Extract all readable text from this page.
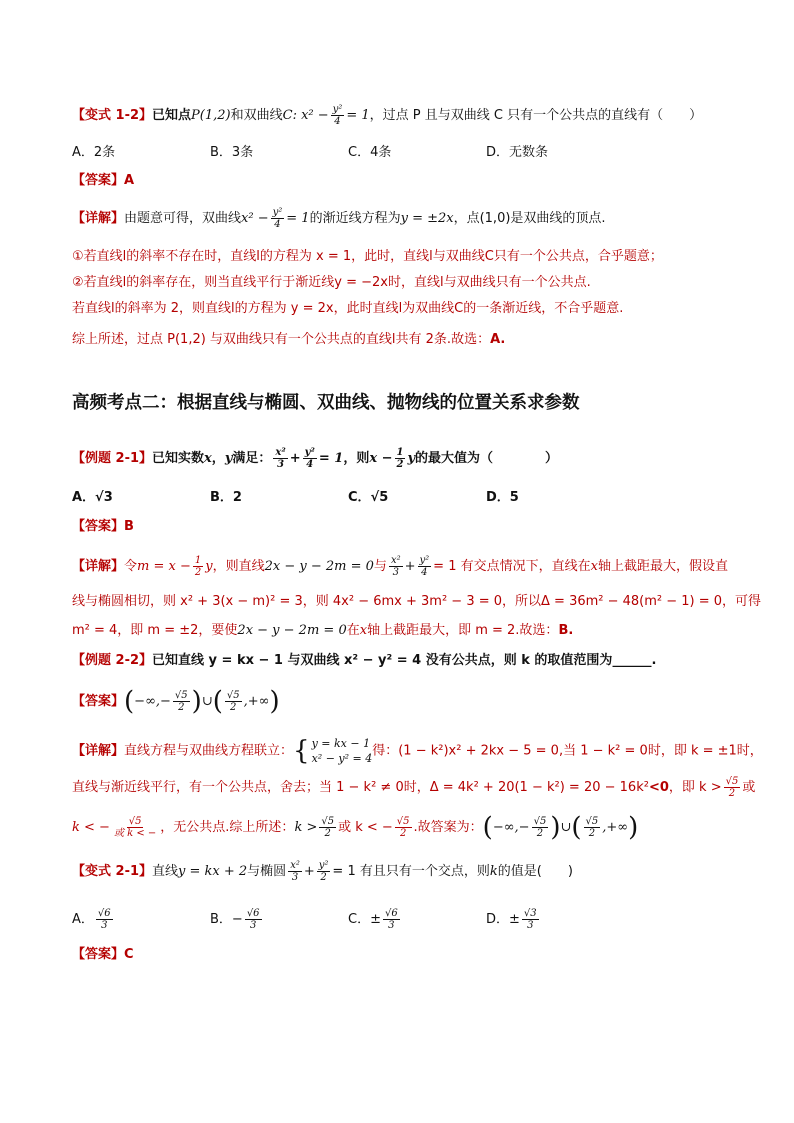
【变式 1-2】已知点P(1,2)和双曲线C: $x^2 - \frac{\text{y²}}{4} = 1$，过点 P 且与双曲线 C 只有一个公共点的直线有（　　）
A．2条	B．3条	C．4条	D．无数条
【答案】A
【详解】由题意可得，双曲线$x^2 - \frac{\text{y²}}{4} = 1$的渐近线方程为y = ±2x，点(1,0)是双曲线的顶点.
①若直线l的斜率不存在时，直线l的方程为 x = 1，此时，直线l与双曲线C只有一个公共点，合乎题意；
②若直线l的斜率存在，则当直线平行于渐近线y = −2x时，直线l与双曲线只有一个公共点.
若直线l的斜率为 2，则直线l的方程为 y = 2x，此时直线l为双曲线C的一条渐近线，不合乎题意.
综上所述，过点 P(1,2) 与双曲线只有一个公共点的直线l共有 2条.故选：A.
高频考点二：根据直线与椭圆、双曲线、抛物线的位置关系求参数
【例题 2-1】已知实数x，y满足： $\frac{\text{x²}}{3} + \frac{\text{y²}}{4} = 1$，则$x - \frac{1}{2}$ y的最大值为（　　　　）
A．√3	B．2	C．√5	D．5
【答案】B
【详解】令$m = x - \frac{1}{2}$ y，则直线2x − y − 2m = 0与 $\frac{\text{x²}}{3} + \frac{\text{y²}}{4} = 1$ 有交点情况下，直线在x轴上截距最大，假设直
线与椭圆相切，则 x² + 3(x − m)² = 3，则 4x² − 6mx + 3m² − 3 = 0，所以Δ = 36m² − 48(m² − 1) = 0，可得
m² = 4，即 m = ±2，要使2x − y − 2m = 0在x轴上截距最大，即 m = 2.故选：B.
【例题 2-2】已知直线 y = kx − 1 与双曲线 x² − y² = 4 没有公共点，则 k 的取值范围为______.
【答案】(−∞,− $\frac{√5}{2}$ )∪( $\frac{√5}{2}$ ,+∞)
【详解】直线方程与双曲线方程联立： { y = kx − 1
x² − y² = 4 得：(1 − k²)x² + 2kx − 5 = 0,当 1 − k² = 0时，即 k = ±1时，
直线与渐近线平行，有一个公共点，舍去；当 1 − k² ≠ 0时，Δ = 4k² + 20(1 − k²) = 20 − 16k²<0，即 $k > \frac{√5}{2}$ 或
k < − $\frac{√5}{\text{或 k < −}}$ ，无公共点.综上所述：$k > \frac{√5}{2}$ 或 k < − $\frac{√5}{2}$ .故答案为：(−∞,− $\frac{√5}{2}$ )∪( $\frac{√5}{2}$ ,+∞)
【变式 2-1】直线y = kx + 2与椭圆 $\frac{\text{x²}}{3} + \frac{\text{y²}}{2} = 1$ 有且只有一个交点，则k的值是(　　)
A． $\frac{√6}{3}$	B．− $\frac{√6}{3}$	C．± $\frac{√6}{3}$	D．± $\frac{√3}{3}$
【答案】C
